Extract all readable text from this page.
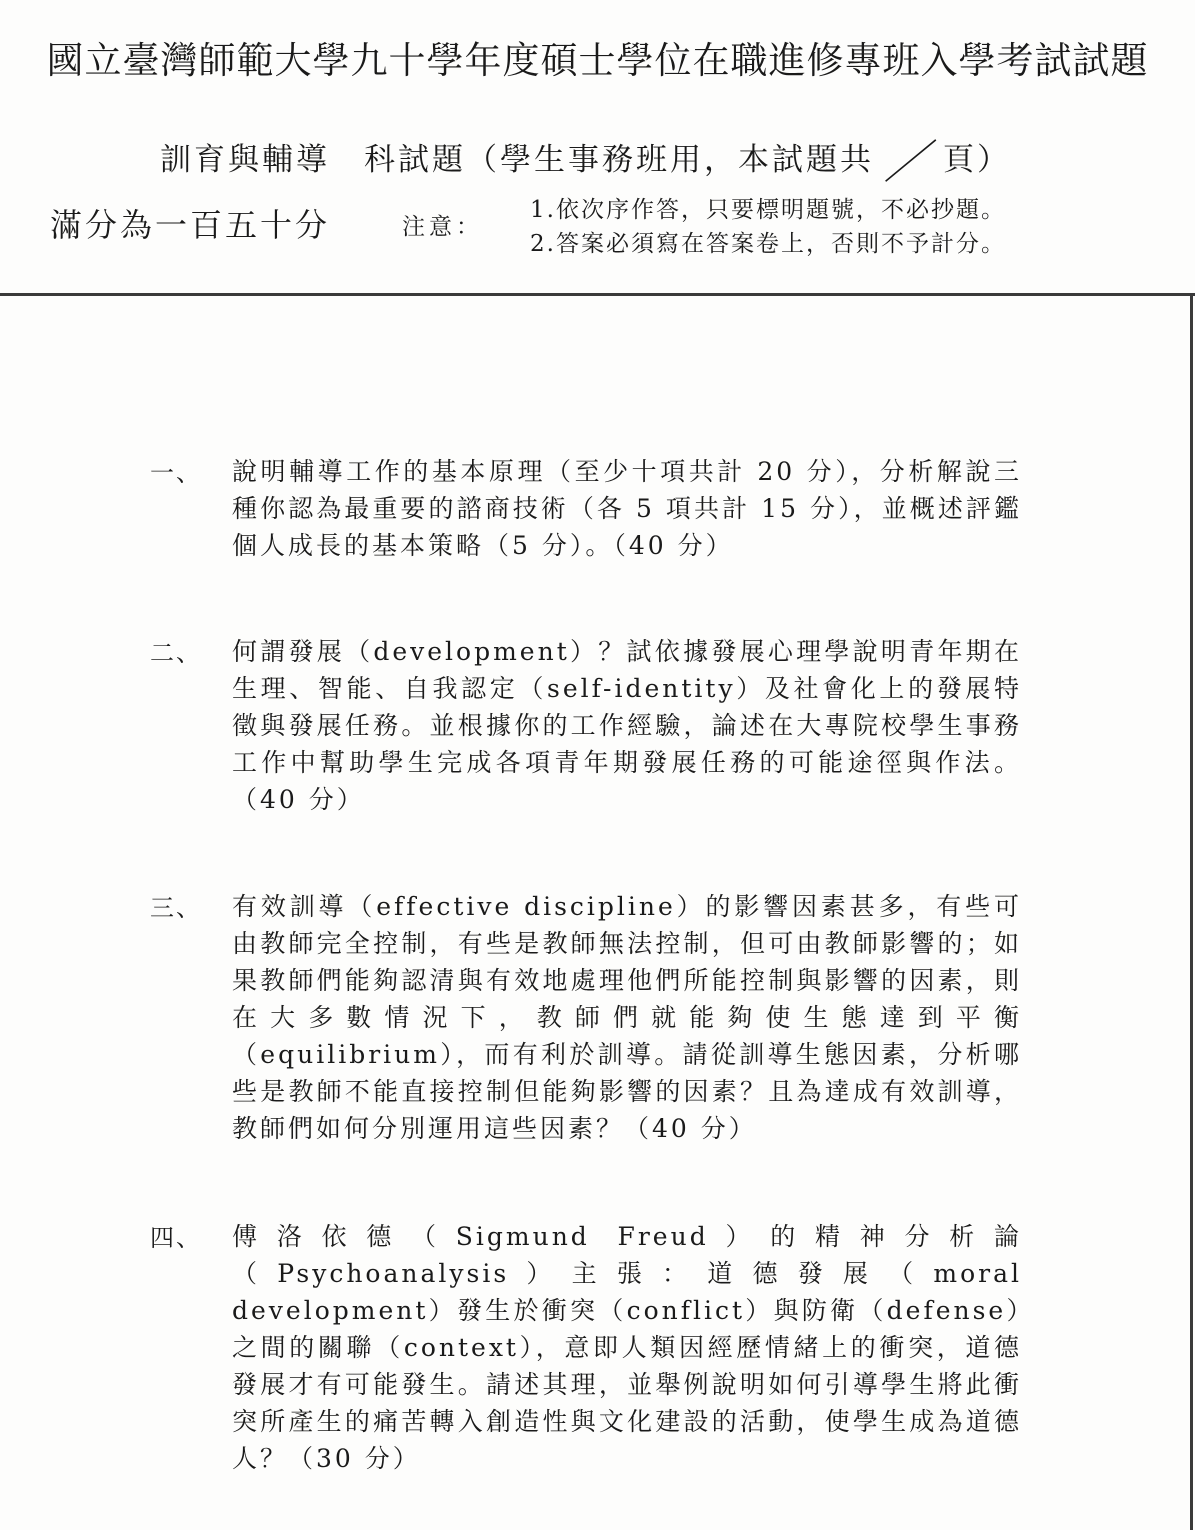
國立臺灣師範大學九十學年度碩士學位在職進修專班入學考試試題
訓育與輔導 科試題（學生事務班用，本試題共 ／頁）
滿分為一百五十分	注意：
1.依次序作答，只要標明題號，不必抄題。
2.答案必須寫在答案卷上，否則不予計分。
一、	說明輔導工作的基本原理（至少十項共計 20 分），分析解說三種你認為最重要的諮商技術（各 5 項共計 15 分），並概述評鑑個人成長的基本策略（5 分）。（40 分）
二、	何謂發展（development）？試依據發展心理學說明青年期在生理、智能、自我認定（self-identity）及社會化上的發展特徵與發展任務。並根據你的工作經驗，論述在大專院校學生事務工作中幫助學生完成各項青年期發展任務的可能途徑與作法。（40 分）
三、	有效訓導（effective discipline）的影響因素甚多，有些可由教師完全控制，有些是教師無法控制，但可由教師影響的；如果教師們能夠認清與有效地處理他們所能控制與影響的因素，則在大多數情況下，教師們就能夠使生態達到平衡（equilibrium），而有利於訓導。請從訓導生態因素，分析哪些是教師不能直接控制但能夠影響的因素？且為達成有效訓導，教師們如何分別運用這些因素？（40 分）
四、	傅洛依德（Sigmund Freud）的精神分析論（Psychoanalysis）主張：道德發展（moral development）發生於衝突（conflict）與防衛（defense）之間的關聯（context），意即人類因經歷情緒上的衝突，道德發展才有可能發生。請述其理，並舉例說明如何引導學生將此衝突所產生的痛苦轉入創造性與文化建設的活動，使學生成為道德人？（30 分）
